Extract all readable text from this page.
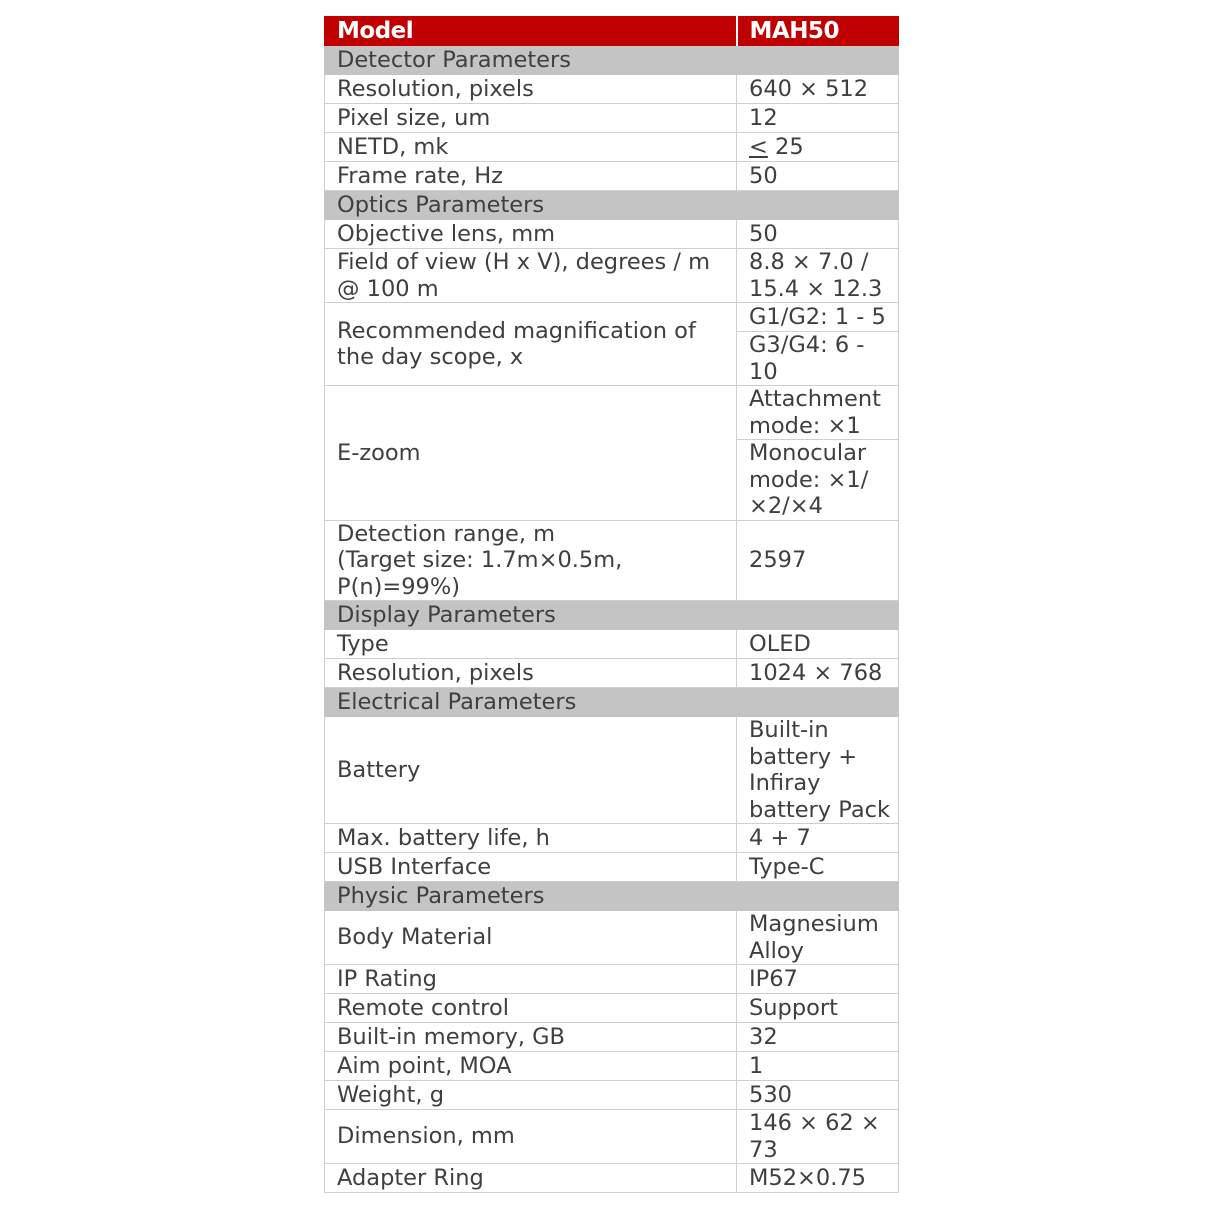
Model	MAH50
Detector Parameters	
Resolution, pixels	640 × 512
Pixel size, um	12
NETD, mk	≤ 25
Frame rate, Hz	50
Optics Parameters	
Objective lens, mm	50
Field of view (H x V), degrees / m @ 100 m	8.8 × 7.0 / 15.4 × 12.3
Recommended magnification of the day scope, x	G1/G2: 1 - 5
	G3/G4: 6 - 10
E-zoom	Attachment mode: ×1
	Monocular mode: ×1/ ×2/×4

Detection range, m
(Target size: 1.7m×0.5m, P(n)=99%)	2597
Display Parameters	
Type	OLED
Resolution, pixels	1024 × 768
Electrical Parameters	
Battery	Built-in battery + Infiray battery Pack
Max. battery life, h	4 + 7
USB Interface	Type-C
Physic Parameters	
Body Material	Magnesium Alloy
IP Rating	IP67
Remote control	Support
Built-in memory, GB	32
Aim point, MOA	1
Weight, g	530
Dimension, mm	146 × 62 × 73
Adapter Ring	M52×0.75
